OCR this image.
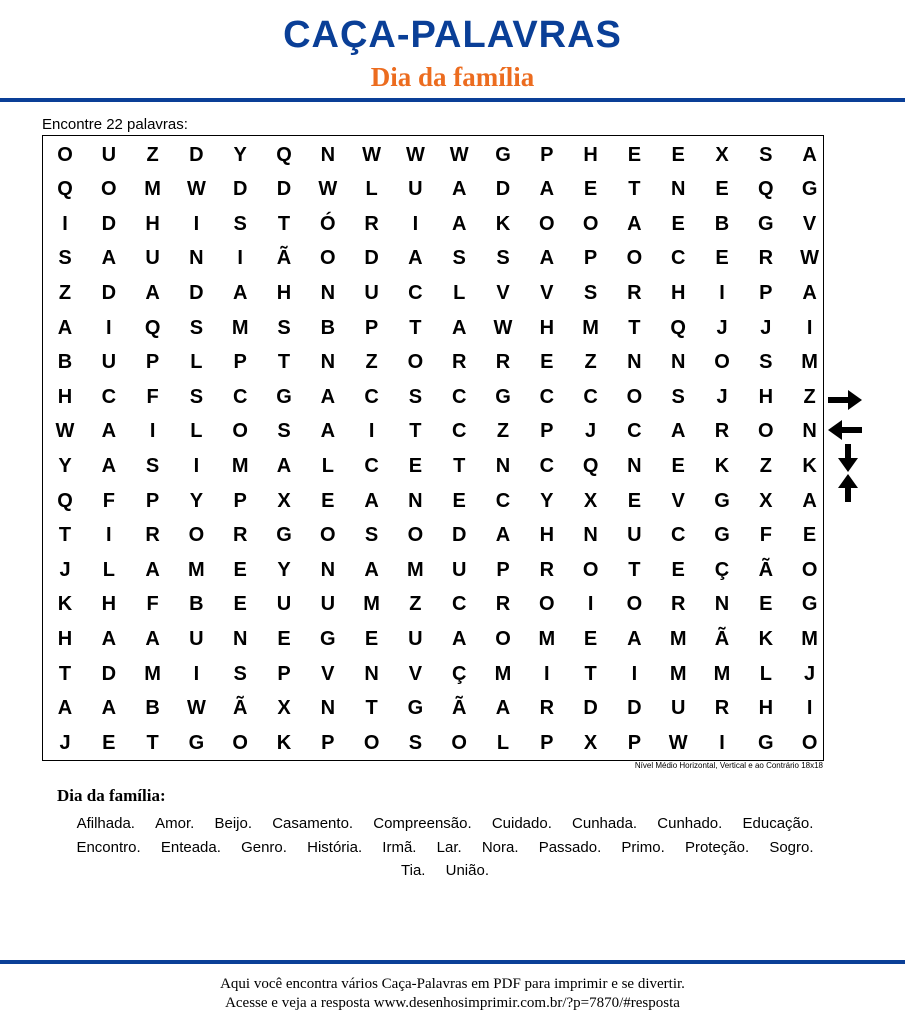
CAÇA-PALAVRAS
Dia da família
Encontre 22 palavras:
O	U	Z	D	Y	Q	N	W	W	W	G	P	H	E	E	X	S	A
Q	O	M	W	D	D	W	L	U	A	D	A	E	T	N	E	Q	G
I	D	H	I	S	T	Ó	R	I	A	K	O	O	A	E	B	G	V
S	A	U	N	I	Ã	O	D	A	S	S	A	P	O	C	E	R	W
Z	D	A	D	A	H	N	U	C	L	V	V	S	R	H	I	P	A
A	I	Q	S	M	S	B	P	T	A	W	H	M	T	Q	J	J	I
B	U	P	L	P	T	N	Z	O	R	R	E	Z	N	N	O	S	M
H	C	F	S	C	G	A	C	S	C	G	C	C	O	S	J	H	Z
W	A	I	L	O	S	A	I	T	C	Z	P	J	C	A	R	O	N
Y	A	S	I	M	A	L	C	E	T	N	C	Q	N	E	K	Z	K
Q	F	P	Y	P	X	E	A	N	E	C	Y	X	E	V	G	X	A
T	I	R	O	R	G	O	S	O	D	A	H	N	U	C	G	F	E
J	L	A	M	E	Y	N	A	M	U	P	R	O	T	E	Ç	Ã	O
K	H	F	B	E	U	U	M	Z	C	R	O	I	O	R	N	E	G
H	A	A	U	N	E	G	E	U	A	O	M	E	A	M	Ã	K	M
T	D	M	I	S	P	V	N	V	Ç	M	I	T	I	M	M	L	J
A	A	B	W	Ã	X	N	T	G	Ã	A	R	D	D	U	R	H	I
J	E	T	G	O	K	P	O	S	O	L	P	X	P	W	I	G	O
Nível Médio Horizontal, Vertical e ao Contrário 18x18
Dia da família:
Afilhada. Amor. Beijo. Casamento. Compreensão. Cuidado. Cunhada. Cunhado. Educação. Encontro. Enteada. Genro. História. Irmã. Lar. Nora. Passado. Primo. Proteção. Sogro. Tia. União.
Aqui você encontra vários Caça-Palavras em PDF para imprimir e se divertir.
Acesse e veja a resposta www.desenhosimprimir.com.br/?p=7870/#resposta
